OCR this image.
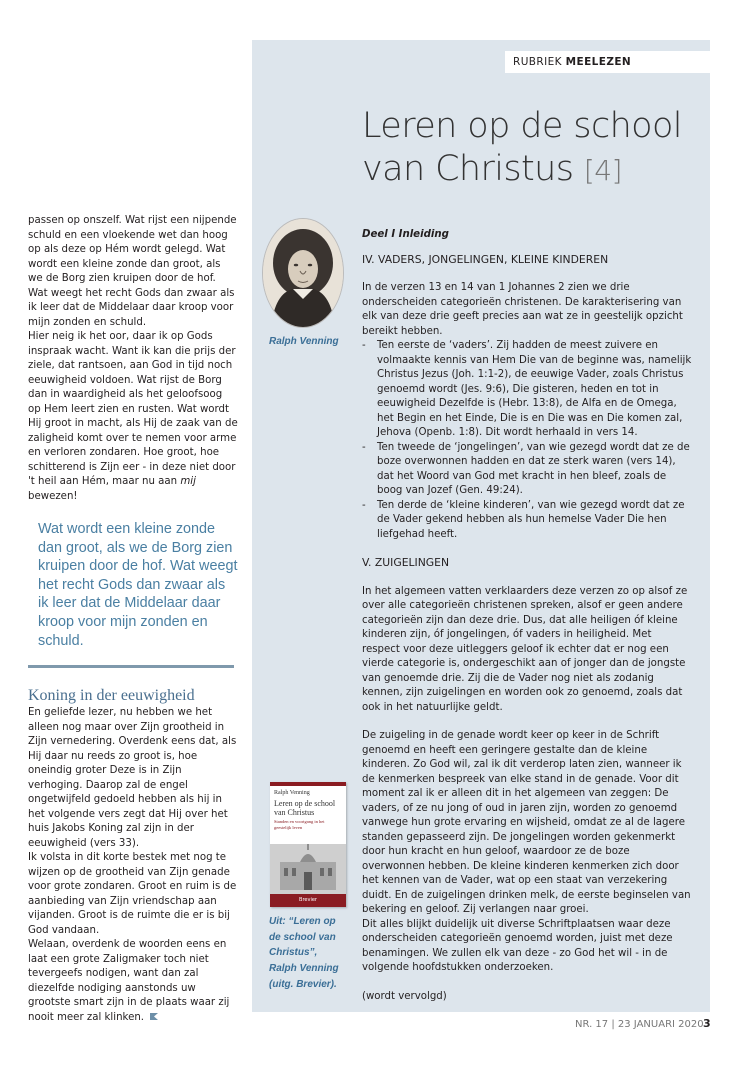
RUBRIEK MEELEZEN
Leren op de school
van Christus [4]

passen op onszelf. Wat rijst een nijpende schuld en een vloekende wet dan hoog op als deze op Hém wordt gelegd. Wat wordt een kleine zonde dan groot, als we de Borg zien kruipen door de hof. Wat weegt het recht Gods dan zwaar als ik leer dat de Middelaar daar kroop voor mijn zonden en schuld.

Hier neig ik het oor, daar ik op Gods inspraak wacht. Want ik kan die prijs der ziele, dat rantsoen, aan God in tijd noch eeuwigheid voldoen. Wat rijst de Borg dan in waardigheid als het geloofsoog op Hem leert zien en rusten. Wat wordt Hij groot in macht, als Hij de zaak van de zaligheid komt over te nemen voor arme en verloren zondaren. Hoe groot, hoe schitterend is Zijn eer - in deze niet door 't heil aan Hém, maar nu aan mij bewezen!

Wat wordt een kleine zonde dan groot, als we de Borg zien kruipen door de hof. Wat weegt het recht Gods dan zwaar als ik leer dat de Middelaar daar kroop voor mijn zonden en schuld.
Koning in der eeuwigheid

En geliefde lezer, nu hebben we het alleen nog maar over Zijn grootheid in Zijn vernedering. Overdenk eens dat, als Hij daar nu reeds zo groot is, hoe oneindig groter Deze is in Zijn verhoging. Daarop zal de engel ongetwijfeld gedoeld hebben als hij in het volgende vers zegt dat Hij over het huis Jakobs Koning zal zijn in der eeuwigheid (vers 33).

Ik volsta in dit korte bestek met nog te wijzen op de grootheid van Zijn genade voor grote zondaren. Groot en ruim is de aanbieding van Zijn vriendschap aan vijanden. Groot is de ruimte die er is bij God vandaan.

Welaan, overdenk de woorden eens en laat een grote Zaligmaker toch niet tevergeefs nodigen, want dan zal diezelfde nodiging aanstonds uw grootste smart zijn in de plaats waar zij nooit meer zal klinken.

Ralph Venning
Ralph Venning
Leren op de school
van Christus
Standen en voortgang in het geestelijk leven
Brevier
Uit: “Leren op
de school van
Christus”,
Ralph Venning
(uitg. Brevier).

Deel I Inleiding

IV. VADERS, JONGELINGEN, KLEINE KINDEREN

In de verzen 13 en 14 van 1 Johannes 2 zien we drie onderscheiden categorieën christenen. De karakterisering van elk van deze drie geeft precies aan wat ze in geestelijk opzicht bereikt hebben.

- Ten eerste de ‘vaders’. Zij hadden de meest zuivere en volmaakte kennis van Hem Die van de beginne was, namelijk Christus Jezus (Joh. 1:1-2), de eeuwige Vader, zoals Christus genoemd wordt (Jes. 9:6), Die gisteren, heden en tot in eeuwigheid Dezelfde is (Hebr. 13:8), de Alfa en de Omega, het Begin en het Einde, Die is en Die was en Die komen zal, Jehova (Openb. 1:8). Dit wordt herhaald in vers 14.

- Ten tweede de ‘jongelingen’, van wie gezegd wordt dat ze de boze overwonnen hadden en dat ze sterk waren (vers 14), dat het Woord van God met kracht in hen bleef, zoals de boog van Jozef (Gen. 49:24).

- Ten derde de ‘kleine kinderen’, van wie gezegd wordt dat ze de Vader gekend hebben als hun hemelse Vader Die hen liefgehad heeft.

V. ZUIGELINGEN

In het algemeen vatten verklaarders deze verzen zo op alsof ze over alle categorieën christenen spreken, alsof er geen andere categorieën zijn dan deze drie. Dus, dat alle heiligen óf kleine kinderen zijn, óf jongelingen, óf vaders in heiligheid. Met respect voor deze uitleggers geloof ik echter dat er nog een vierde categorie is, ondergeschikt aan of jonger dan de jongste van genoemde drie. Zij die de Vader nog niet als zodanig kennen, zijn zuigelingen en worden ook zo genoemd, zoals dat ook in het natuurlijke geldt.

De zuigeling in de genade wordt keer op keer in de Schrift genoemd en heeft een geringere gestalte dan de kleine kinderen. Zo God wil, zal ik dit verderop laten zien, wanneer ik de kenmerken bespreek van elke stand in de genade. Voor dit moment zal ik er alleen dit in het algemeen van zeggen: De vaders, of ze nu jong of oud in jaren zijn, worden zo genoemd vanwege hun grote ervaring en wijsheid, omdat ze al de lagere standen gepasseerd zijn. De jongelingen worden gekenmerkt door hun kracht en hun geloof, waardoor ze de boze overwonnen hebben. De kleine kinderen kenmerken zich door het kennen van de Vader, wat op een staat van verzekering duidt. En de zuigelingen drinken melk, de eerste beginselen van bekering en geloof. Zij verlangen naar groei.

Dit alles blijkt duidelijk uit diverse Schriftplaatsen waar deze onderscheiden categorieën genoemd worden, juist met deze benamingen. We zullen elk van deze - zo God het wil - in de volgende hoofdstukken onderzoeken.

(wordt vervolgd)

NR. 17 | 23 JANUARI 2020 3
